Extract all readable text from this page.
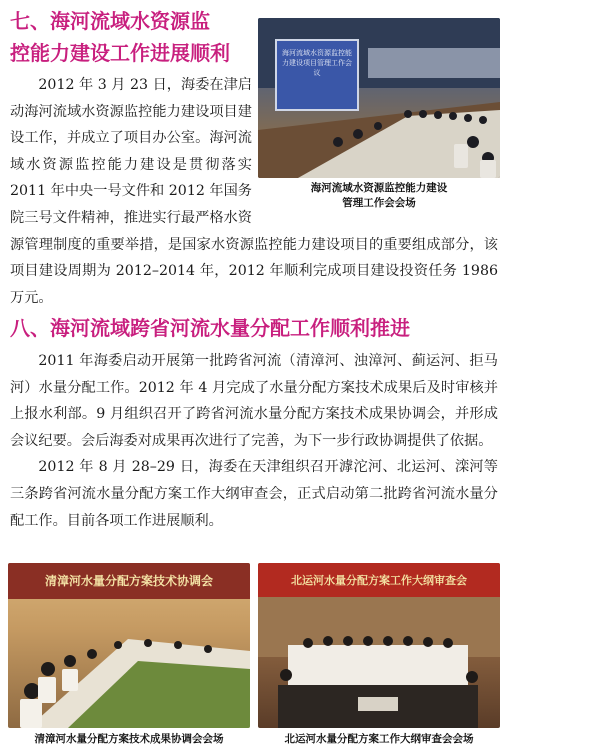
七、海河流域水资源监
控能力建设工作进展顺利	海河流域水资源监控能力建设项目管理工作会议
海河流域水资源监控能力建设
管理工作会会场

2012 年 3 月 23 日，海委在津启动海河流域水资源监控能力建设项目建设工作，并成立了项目办公室。海河流域水资源监控能力建设是贯彻落实 2011 年中央一号文件和 2012 年国务院三号文件精神，推进实行最严格水资源管理制度的重要举措，是国家水资源监控能力建设项目的重要组成部分，该项目建设周期为 2012–2014 年，2012 年顺利完成项目建设投资任务 1986 万元。

八、海河流域跨省河流水量分配工作顺利推进

2011 年海委启动开展第一批跨省河流（清漳河、浊漳河、蓟运河、拒马河）水量分配工作。2012 年 4 月完成了水量分配方案技术成果后及时审核并上报水利部。9 月组织召开了跨省河流水量分配方案技术成果协调会，并形成会议纪要。会后海委对成果再次进行了完善，为下一步行政协调提供了依据。

2012 年 8 月 28–29 日，海委在天津组织召开滹沱河、北运河、滦河等三条跨省河流水量分配方案工作大纲审查会，正式启动第二批跨省河流水量分配工作。目前各项工作进展顺利。

清漳河水量分配方案技术协调会
清漳河水量分配方案技术成果协调会会场
北运河水量分配方案工作大纲审查会
北运河水量分配方案工作大纲审查会会场
